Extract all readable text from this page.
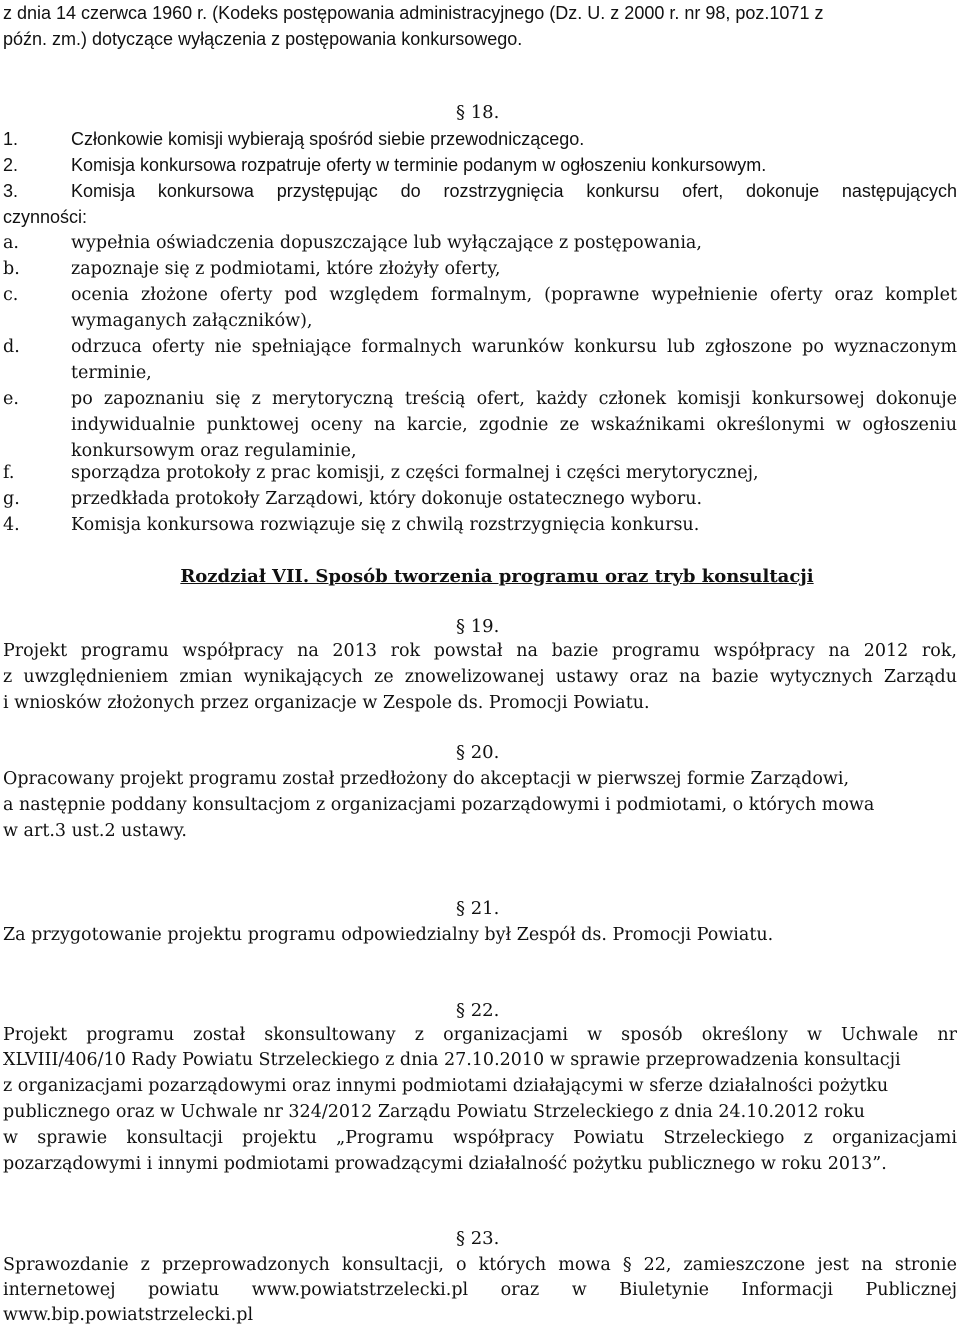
z dnia 14 czerwca 1960 r. (Kodeks postępowania administracyjnego (Dz. U. z 2000 r. nr 98, poz.1071 z
późn. zm.) dotyczące wyłączenia z postępowania konkursowego.
§ 18.
1.	Członkowie komisji wybierają spośród siebie przewodniczącego.
2.	Komisja konkursowa rozpatruje oferty w terminie podanym w ogłoszeniu konkursowym.
3.	Komisja konkursowa przystępując do rozstrzygnięcia konkursu ofert, dokonuje następujących
czynności:
a.	wypełnia oświadczenia dopuszczające lub wyłączające z postępowania,
b.	zapoznaje się z podmiotami, które złożyły oferty,
c.	ocenia złożone oferty pod względem formalnym, (poprawne wypełnienie oferty oraz komplet wymaganych załączników),
d.	odrzuca oferty nie spełniające formalnych warunków konkursu lub zgłoszone po wyznaczonym terminie,
e.	po zapoznaniu się z merytoryczną treścią ofert, każdy członek komisji konkursowej dokonuje indywidualnie punktowej oceny na karcie, zgodnie ze wskaźnikami określonymi w ogłoszeniu konkursowym oraz regulaminie,
f.	sporządza protokoły z prac komisji, z części formalnej i części merytorycznej,
g.	przedkłada protokoły Zarządowi, który dokonuje ostatecznego wyboru.
4.	Komisja konkursowa rozwiązuje się z chwilą rozstrzygnięcia konkursu.
Rozdział VII. Sposób tworzenia programu oraz tryb konsultacji
§ 19.
Projekt programu współpracy na 2013 rok powstał na bazie programu współpracy na 2012 rok,
z uwzględnieniem zmian wynikających ze znowelizowanej ustawy oraz na bazie wytycznych Zarządu
i wniosków złożonych przez organizacje w Zespole ds. Promocji Powiatu.
§ 20.
Opracowany projekt programu został przedłożony do akceptacji w pierwszej formie Zarządowi,
a następnie poddany konsultacjom z organizacjami pozarządowymi i podmiotami, o których mowa
w art.3 ust.2 ustawy.
§ 21.
Za przygotowanie projektu programu odpowiedzialny był Zespół ds. Promocji Powiatu.
§ 22.
Projekt programu został skonsultowany z organizacjami w sposób określony w Uchwale nr
XLVIII/406/10 Rady Powiatu Strzeleckiego z dnia 27.10.2010 w sprawie przeprowadzenia konsultacji
z organizacjami pozarządowymi oraz innymi podmiotami działającymi w sferze działalności pożytku
publicznego oraz w Uchwale nr 324/2012 Zarządu Powiatu Strzeleckiego z dnia 24.10.2012 roku
w sprawie konsultacji projektu „Programu współpracy Powiatu Strzeleckiego z organizacjami
pozarządowymi i innymi podmiotami prowadzącymi działalność pożytku publicznego w roku 2013”.
§ 23.
Sprawozdanie z przeprowadzonych konsultacji, o których mowa § 22, zamieszczone jest na stronie
internetowej powiatu www.powiatstrzelecki.pl oraz w Biuletynie Informacji Publicznej
www.bip.powiatstrzelecki.pl
